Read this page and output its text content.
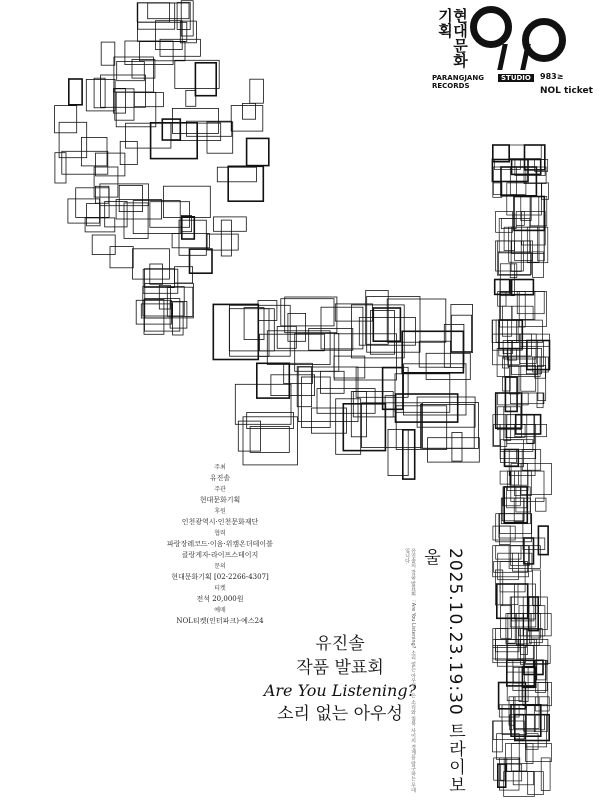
현대문화기획
PARANGJANG RECORDS
STUDIO	983≥
NOL ticket
주최
유진솔
주관
현대문화기획
후원
인천광역시·인천문화재단
협력
파랑장레코드·이음·위캠온더테이블
클랑게자·라이프스테이지
문의
현대문화기획 [02-2266-4307]
티켓
전석 20,000원
예매
NOL티켓(인터파크)·예스24
유진솔
작품 발표회
Are You Listening?
소리 없는 아우성	유진솔의 작품 발표회 「Are You Listening? 소리 없는 아우성」은 소리와 침묵 사이의 경계를 탐구하는 무대입니다.	2025.10.23.19:30 트라이보울
